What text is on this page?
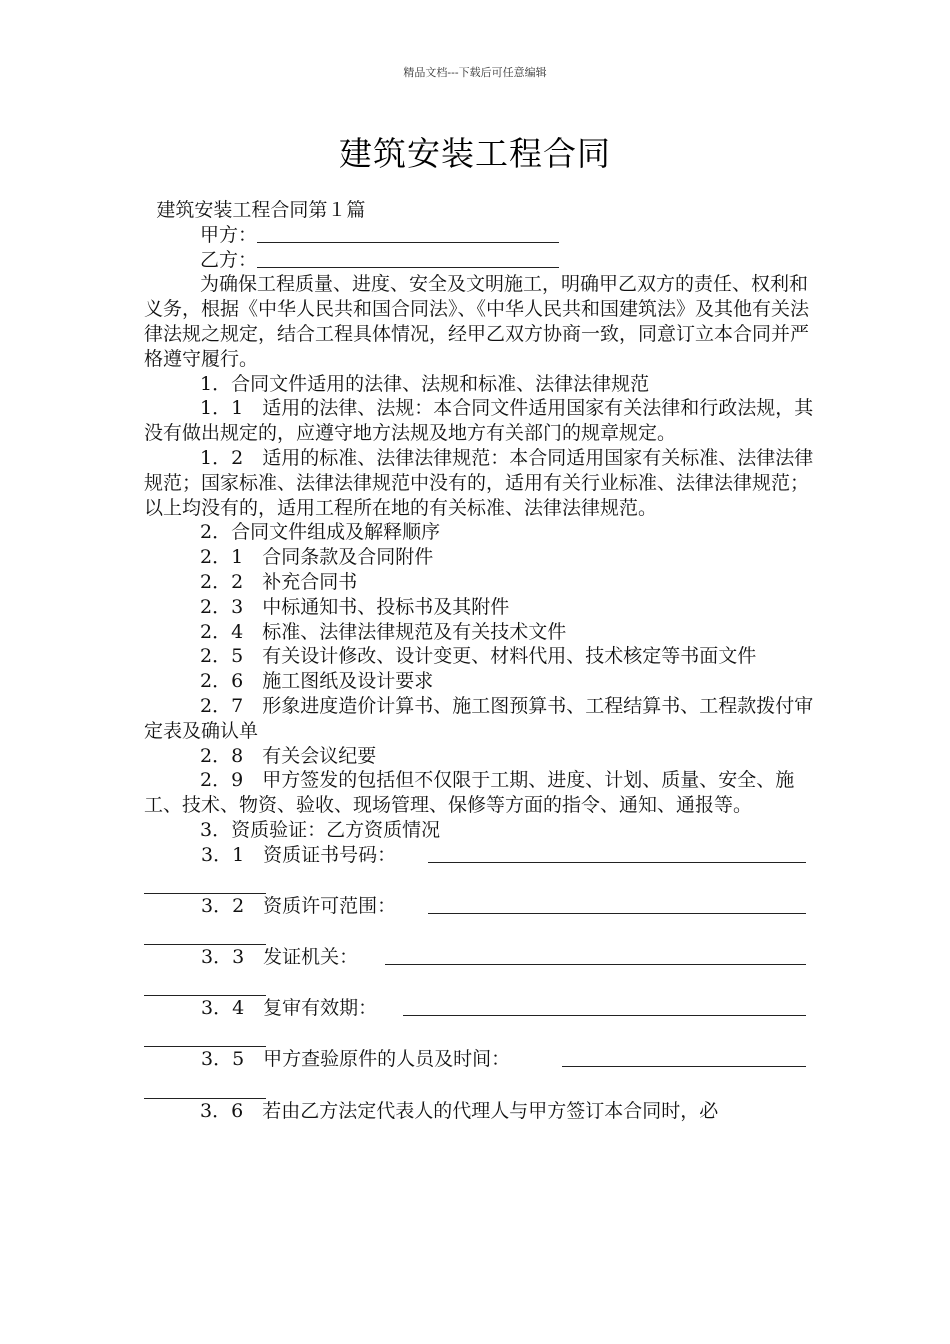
精品文档---下载后可任意编辑
建筑安装工程合同

建筑安装工程合同第１篇

甲方：

乙方：

为确保工程质量、进度、安全及文明施工，明确甲乙双方的责任、权利和义务，根据《中华人民共和国合同法》、《中华人民共和国建筑法》及其他有关法律法规之规定，结合工程具体情况，经甲乙双方协商一致，同意订立本合同并严格遵守履行。

1．合同文件适用的法律、法规和标准、法律法律规范

1．1　适用的法律、法规：本合同文件适用国家有关法律和行政法规，其没有做出规定的，应遵守地方法规及地方有关部门的规章规定。

1．2　适用的标准、法律法律规范：本合同适用国家有关标准、法律法律规范；国家标准、法律法律规范中没有的，适用有关行业标准、法律法律规范；以上均没有的，适用工程所在地的有关标准、法律法律规范。

2．合同文件组成及解释顺序

2．1　合同条款及合同附件

2．2　补充合同书

2．3　中标通知书、投标书及其附件

2．4　标准、法律法律规范及有关技术文件

2．5　有关设计修改、设计变更、材料代用、技术核定等书面文件

2．6　施工图纸及设计要求

2．7　形象进度造价计算书、施工图预算书、工程结算书、工程款拨付审定表及确认单

2．8　有关会议纪要

2．9　甲方签发的包括但不仅限于工期、进度、计划、质量、安全、施工、技术、物资、验收、现场管理、保修等方面的指令、通知、通报等。

3．资质验证：乙方资质情况

3．1　资质证书号码：
3．2　资质许可范围：
3．3　发证机关：
3．4　复审有效期：
3．5　甲方查验原件的人员及时间：

3．6　若由乙方法定代表人的代理人与甲方签订本合同时，必
